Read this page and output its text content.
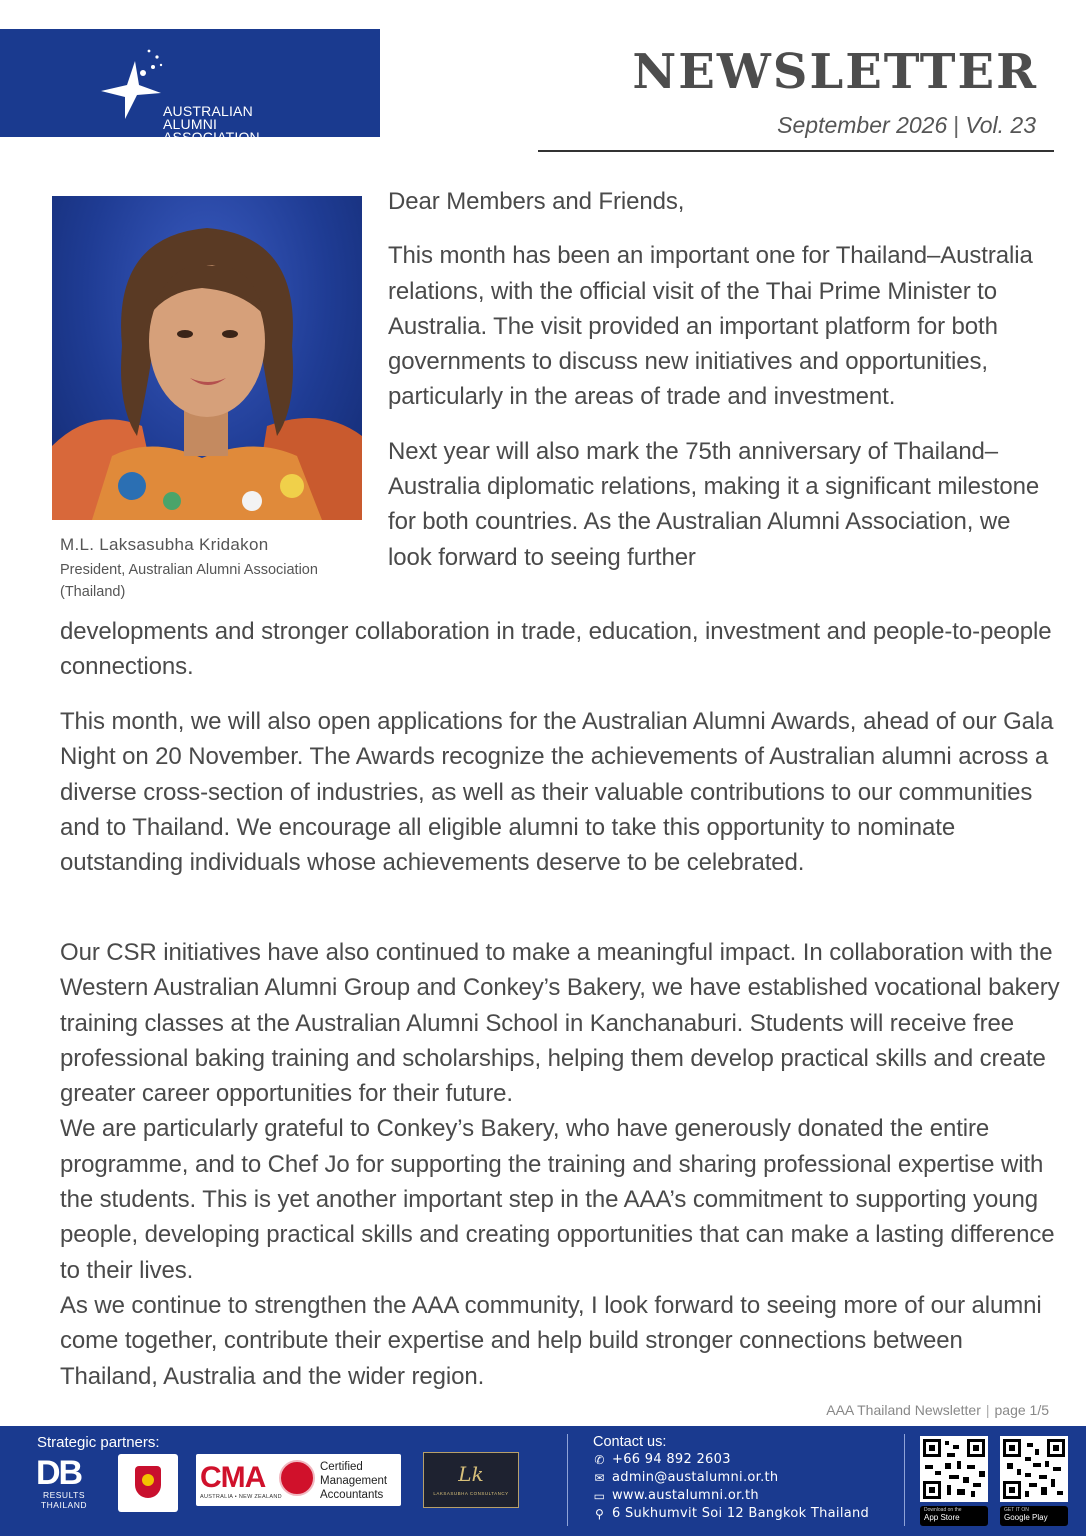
AUSTRALIAN
ALUMNI
ASSOCIATION
(THAILAND)
NEWSLETTER
September 2026 | Vol. 23
M.L. Laksasubha Kridakon
President, Australian Alumni Association
(Thailand)

Dear Members and Friends,

This month has been an important one for Thailand–Australia relations, with the official visit of the Thai Prime Minister to Australia. The visit provided an important platform for both governments to discuss new initiatives and opportunities, particularly in the areas of trade and investment.

Next year will also mark the 75th anniversary of Thailand–Australia diplomatic relations, making it a significant milestone for both countries. As the Australian Alumni Association, we look forward to seeing further

developments and stronger collaboration in trade, education, investment and people-to-people connections.
This month, we will also open applications for the Australian Alumni Awards, ahead of our Gala Night on 20 November. The Awards recognize the achievements of Australian alumni across a diverse cross-section of industries, as well as their valuable contributions to our communities and to Thailand. We encourage all eligible alumni to take this opportunity to nominate outstanding individuals whose achievements deserve to be celebrated.
Our CSR initiatives have also continued to make a meaningful impact. In collaboration with the Western Australian Alumni Group and Conkey’s Bakery, we have established vocational bakery training classes at the Australian Alumni School in Kanchanaburi. Students will receive free professional baking training and scholarships, helping them develop practical skills and create greater career opportunities for their future.
We are particularly grateful to Conkey’s Bakery, who have generously donated the entire programme, and to Chef Jo for supporting the training and sharing professional expertise with the students. This is yet another important step in the AAA’s commitment to supporting young people, developing practical skills and creating opportunities that can make a lasting difference to their lives.
As we continue to strengthen the AAA community, I look forward to seeing more of our alumni come together, contribute their expertise and help build stronger connections between Thailand, Australia and the wider region.
AAA Thailand Newsletter | page 1/5
Strategic partners:
DB
RESULTS
THAILAND
CMA
AUSTRALIA • NEW ZEALAND
Certified
Management
Accountants
Lk
LAKSASUBHA CONSULTANCY
Contact us:
✆ +66 94 892 2603
✉ admin@austalumni.or.th
▭ www.austalumni.or.th
⚲ 6 Sukhumvit Soi 12 Bangkok Thailand	Download on the
App Store
GET IT ON
Google Play
